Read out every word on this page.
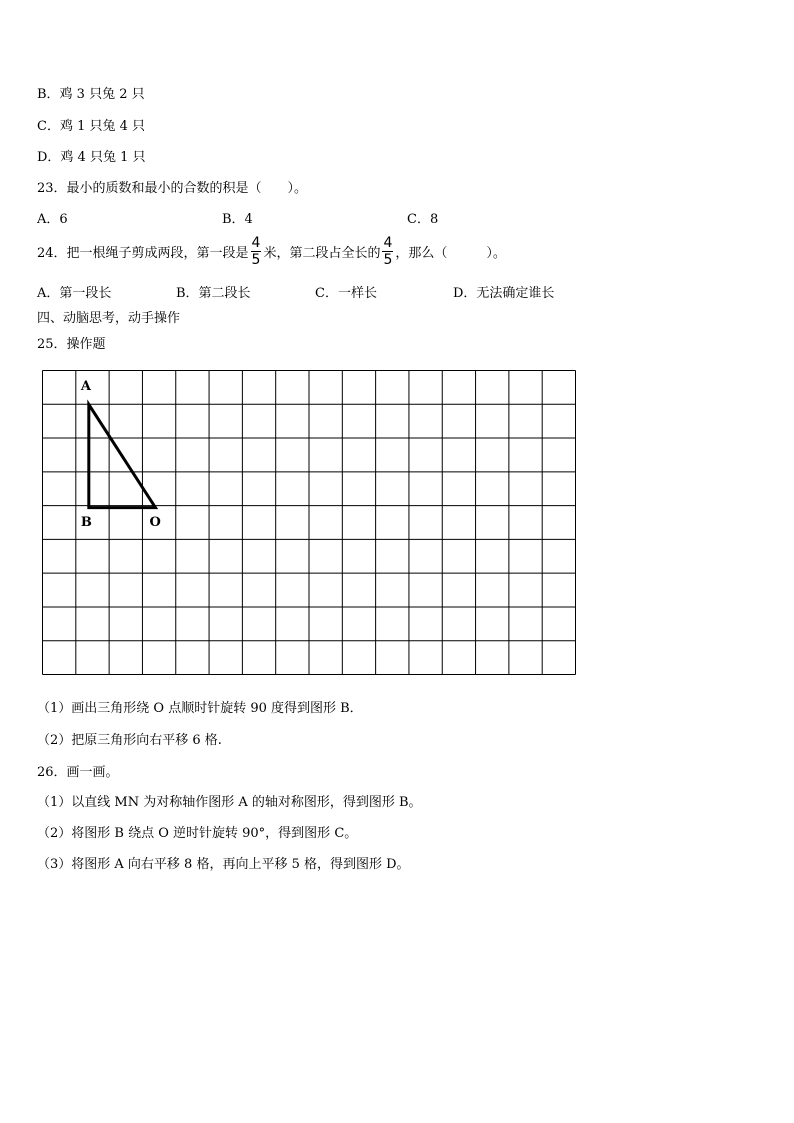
B．鸡 3 只兔 2 只
C．鸡 1 只兔 4 只
D．鸡 4 只兔 1 只
23．最小的质数和最小的合数的积是（　　）。
A．6	B．4	C．8
24．把一根绳子剪成两段，第一段是 $\frac{4}{5}$ 米，第二段占全长的 $\frac{4}{5}$ ，那么（　　　）。
A．第一段长	B．第二段长	C．一样长	D．无法确定谁长
四、动脑思考，动手操作
25．操作题
A
B	O
（1）画出三角形绕 O 点顺时针旋转 90 度得到图形 B．
（2）把原三角形向右平移 6 格.
26．画一画。
（1）以直线 MN 为对称轴作图形 A 的轴对称图形，得到图形 B。
（2）将图形 B 绕点 O 逆时针旋转 90°，得到图形 C。
（3）将图形 A 向右平移 8 格，再向上平移 5 格，得到图形 D。
